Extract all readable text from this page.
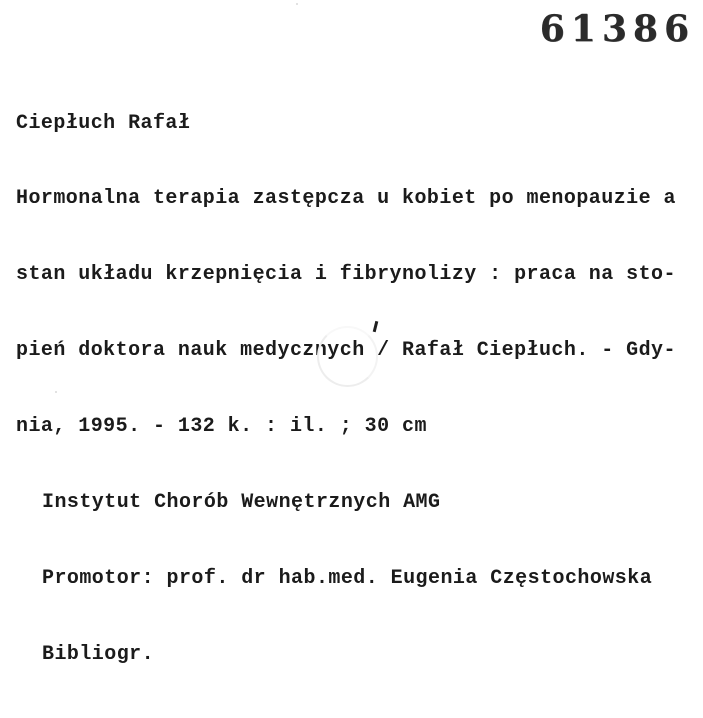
61386

Ciepłuch Rafał

Hormonalna terapia zastępcza u kobiet po menopauzie a

stan układu krzepnięcia i fibrynolizy : praca na sto-

pień doktora nauk medycznych / Rafał Ciepłuch. - Gdy-

nia, 1995. - 132 k. : il. ; 30 cm

Instytut Chorób Wewnętrznych AMG

Promotor: prof. dr hab.med. Eugenia Częstochowska

Bibliogr.
